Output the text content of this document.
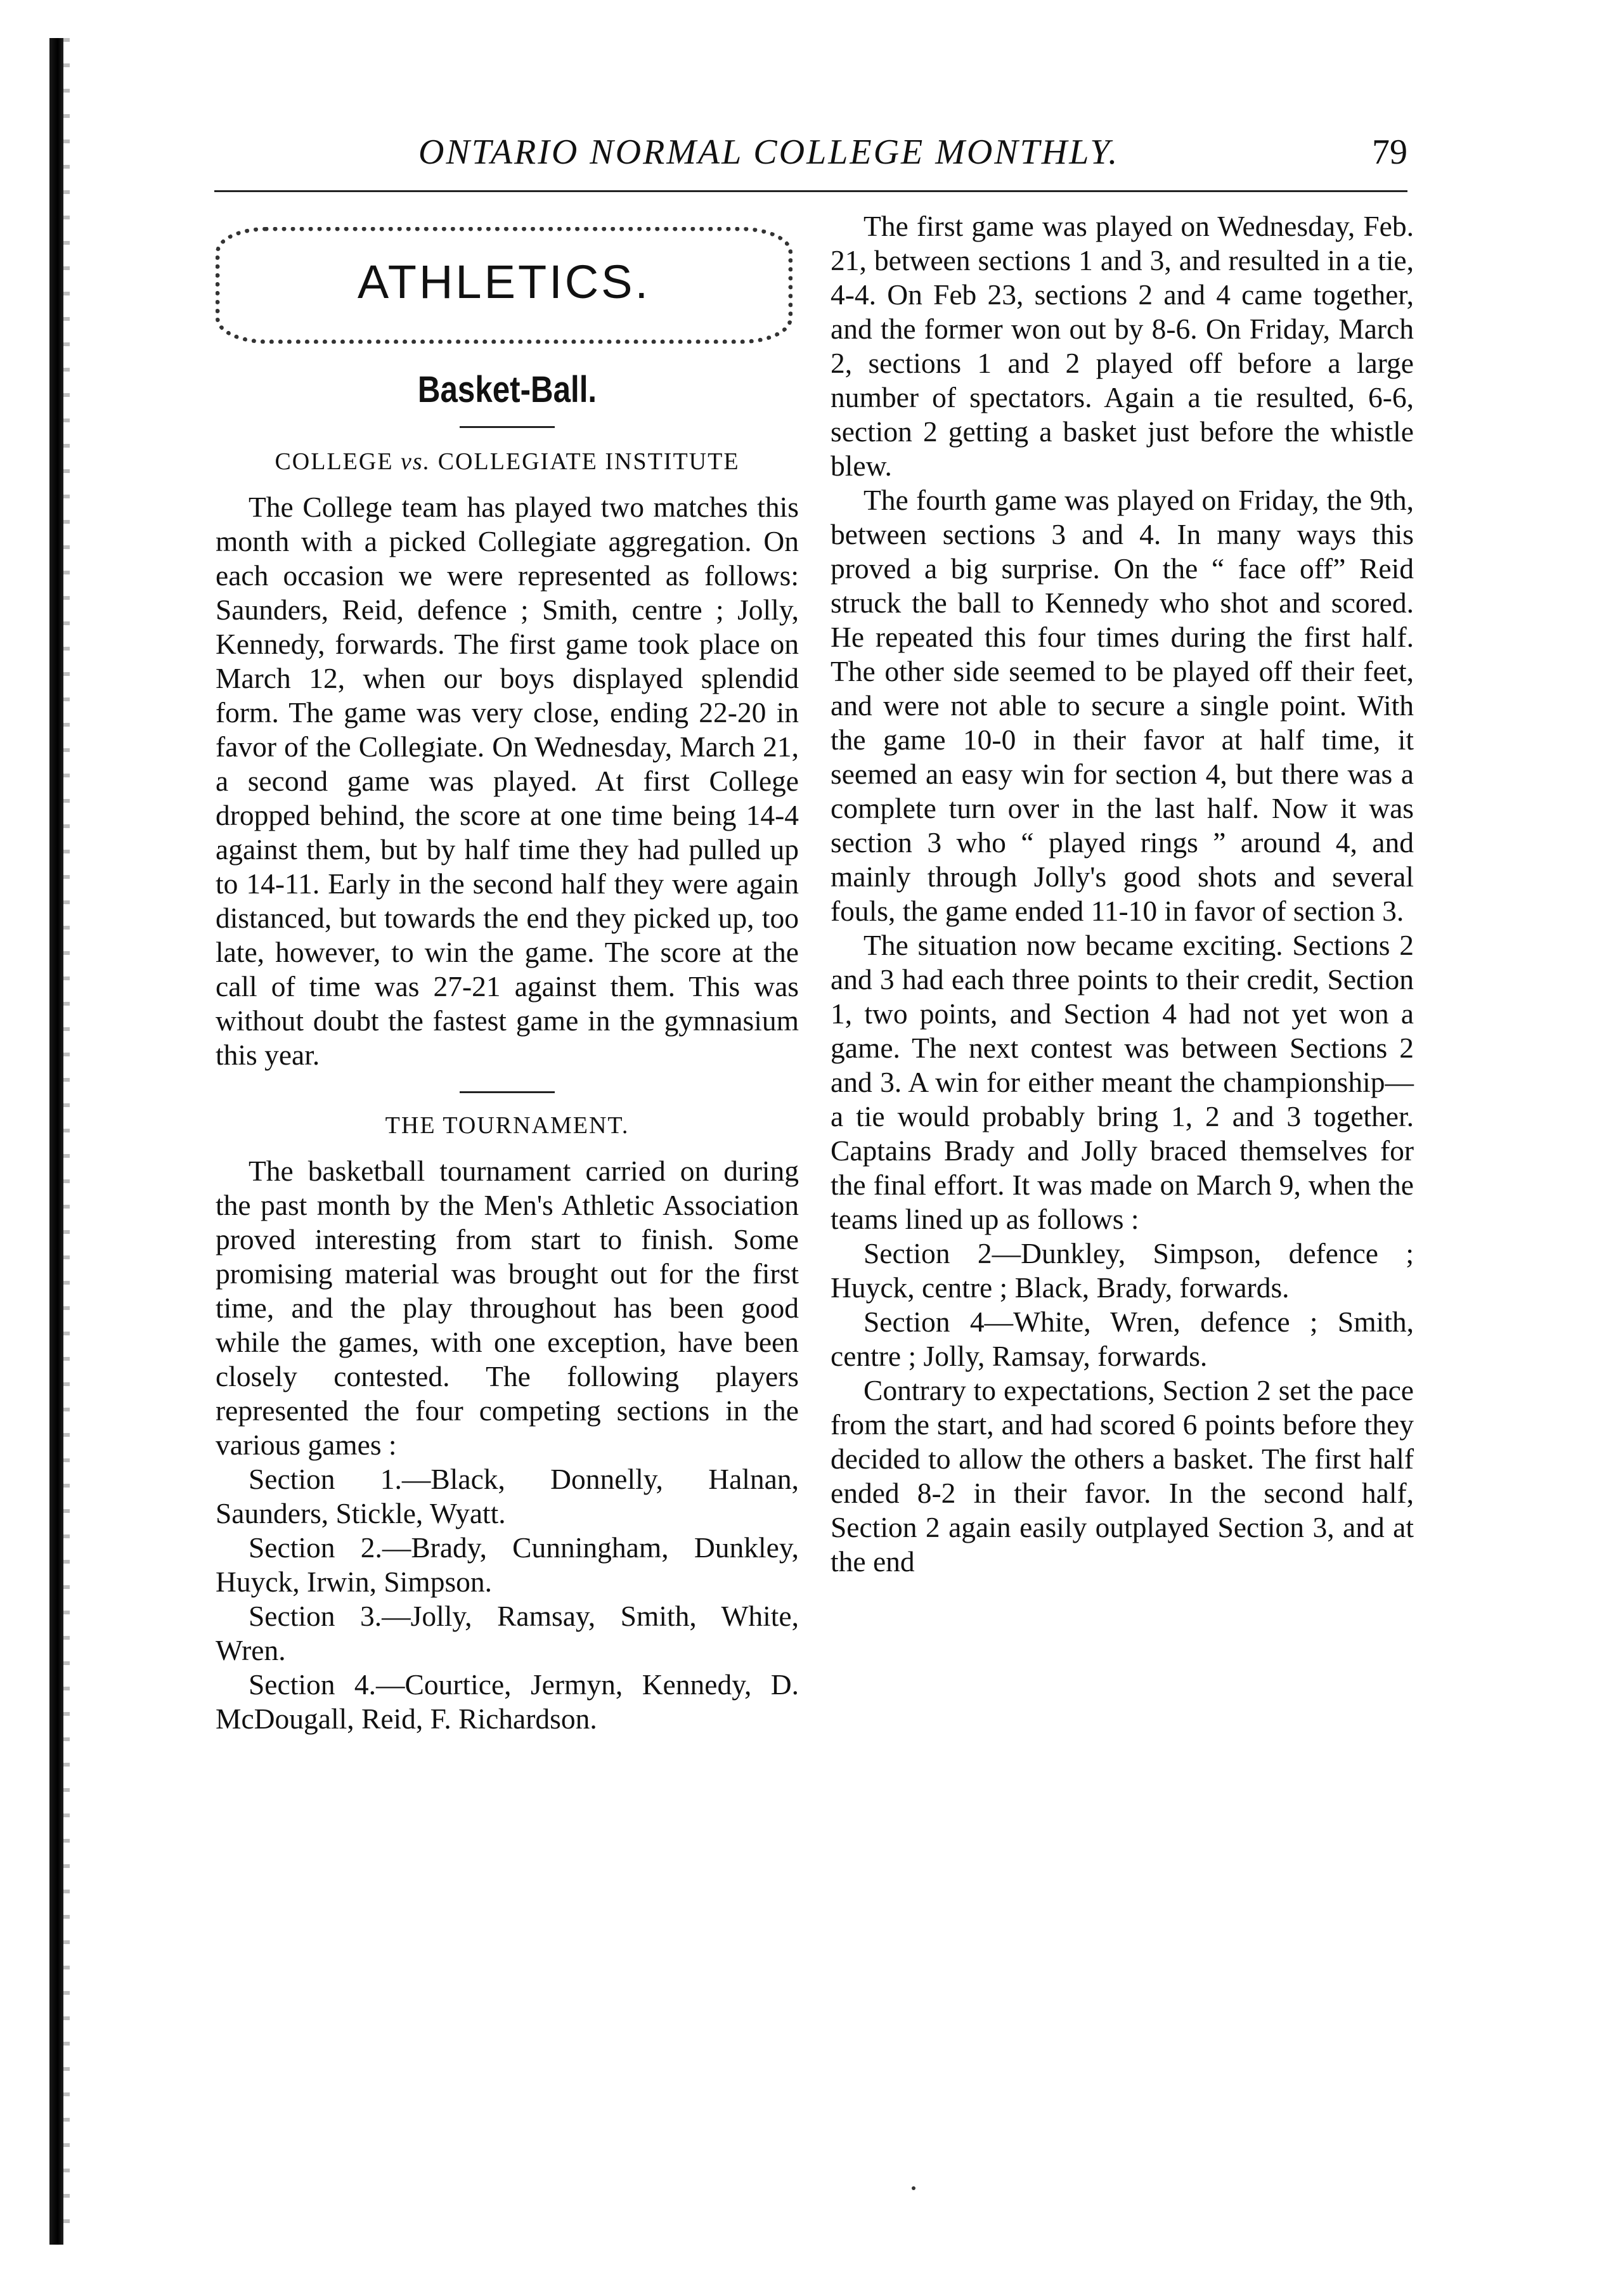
ONTARIO NORMAL COLLEGE MONTHLY.	79
ATHLETICS.
Basket-Ball.
COLLEGE vs. COLLEGIATE INSTITUTE

The College team has played two matches this month with a picked Collegiate aggregation. On each occasion we were represented as follows: Saunders, Reid, defence ; Smith, centre ; Jolly, Kennedy, forwards. The first game took place on March 12, when our boys displayed splendid form. The game was very close, ending 22-20 in favor of the Collegiate. On Wednesday, March 21, a second game was played. At first College dropped behind, the score at one time being 14-4 against them, but by half time they had pulled up to 14-11. Early in the second half they were again distanced, but towards the end they picked up, too late, however, to win the game. The score at the call of time was 27-21 against them. This was without doubt the fastest game in the gymnasium this year.

THE TOURNAMENT.

The basketball tournament carried on during the past month by the Men's Athletic Association proved interesting from start to finish. Some promising material was brought out for the first time, and the play throughout has been good while the games, with one exception, have been closely contested. The following players represented the four competing sections in the various games :

Section 1.—Black, Donnelly, Halnan, Saunders, Stickle, Wyatt.

Section 2.—Brady, Cunningham, Dunkley, Huyck, Irwin, Simpson.

Section 3.—Jolly, Ramsay, Smith, White, Wren.

Section 4.—Courtice, Jermyn, Kennedy, D. McDougall, Reid, F. Richardson.

The first game was played on Wednesday, Feb. 21, between sections 1 and 3, and resulted in a tie, 4-4. On Feb 23, sections 2 and 4 came together, and the former won out by 8-6. On Friday, March 2, sections 1 and 2 played off before a large number of spectators. Again a tie resulted, 6-6, section 2 getting a basket just before the whistle blew.

The fourth game was played on Friday, the 9th, between sections 3 and 4. In many ways this proved a big surprise. On the “ face off” Reid struck the ball to Kennedy who shot and scored. He repeated this four times during the first half. The other side seemed to be played off their feet, and were not able to secure a single point. With the game 10-0 in their favor at half time, it seemed an easy win for section 4, but there was a complete turn over in the last half. Now it was section 3 who “ played rings ” around 4, and mainly through Jolly's good shots and several fouls, the game ended 11-10 in favor of section 3.

The situation now became exciting. Sections 2 and 3 had each three points to their credit, Section 1, two points, and Section 4 had not yet won a game. The next contest was between Sections 2 and 3. A win for either meant the championship—a tie would probably bring 1, 2 and 3 together. Captains Brady and Jolly braced themselves for the final effort. It was made on March 9, when the teams lined up as follows :

Section 2—Dunkley, Simpson, defence ; Huyck, centre ; Black, Brady, forwards.

Section 4—White, Wren, defence ; Smith, centre ; Jolly, Ramsay, forwards.

Contrary to expectations, Section 2 set the pace from the start, and had scored 6 points before they decided to allow the others a basket. The first half ended 8-2 in their favor. In the second half, Section 2 again easily outplayed Section 3, and at the end
